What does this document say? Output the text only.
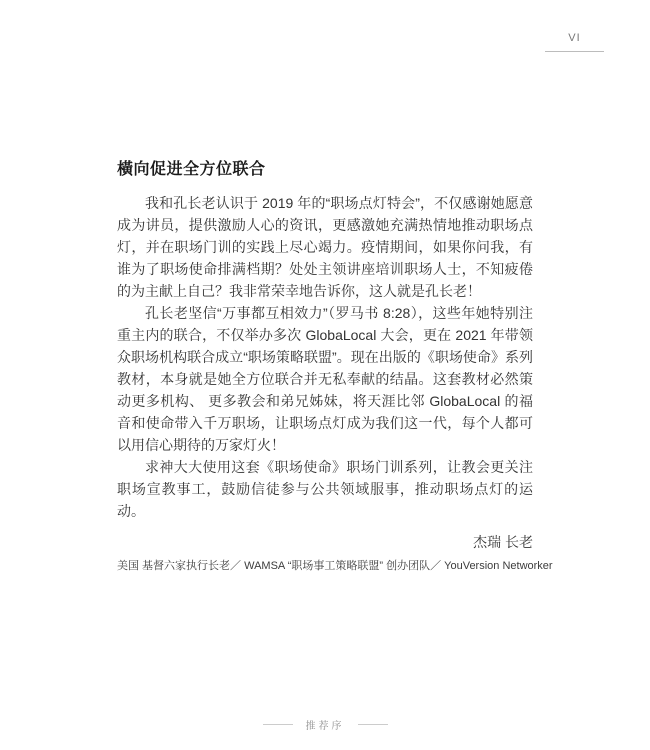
VI
橫向促进全方位联合

我和孔长老认识于 2019 年的“职场点灯特会”，不仅感谢她愿意成为讲员，提供激励人心的资讯，更感激她充满热情地推动职场点灯，并在职场门训的实践上尽心竭力。疫情期间，如果你问我，有谁为了职场使命排满档期？处处主领讲座培训职场人士，不知疲倦的为主献上自己？我非常荣幸地告诉你，这人就是孔长老！

孔长老坚信“万事都互相效力”（罗马书 8:28），这些年她特别注重主内的联合，不仅举办多次 GlobaLocal 大会，更在 2021 年带领众职场机构联合成立“职场策略联盟”。现在出版的《职场使命》系列教材，本身就是她全方位联合并无私奉献的结晶。这套教材必然策动更多机构、 更多教会和弟兄姊妹，将天涯比邻 GlobaLocal 的福音和使命带入千万职场，让职场点灯成为我们这一代，每个人都可以用信心期待的万家灯火！

求神大大使用这套《职场使命》职场门训系列，让教会更关注职场宣教事工，鼓励信徒参与公共领域服事，推动职场点灯的运动。

杰瑞 长老
美国 基督六家执行长老／ WAMSA “职场事工策略联盟” 创办团队／ YouVersion Networker
推荐序
